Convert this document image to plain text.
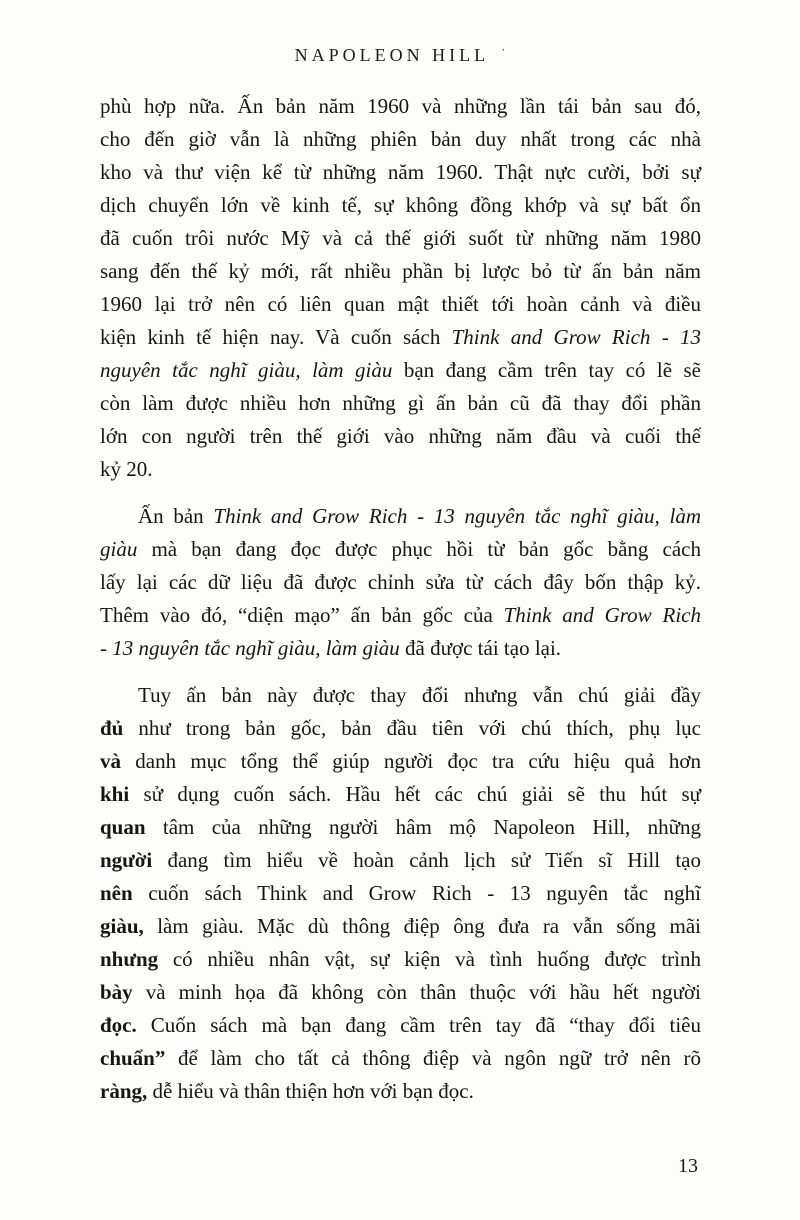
NAPOLEON HILL ·
phù hợp nữa. Ấn bản năm 1960 và những lần tái bản sau đó,
cho đến giờ vẫn là những phiên bản duy nhất trong các nhà
kho và thư viện kể từ những năm 1960. Thật nực cười, bởi sự
dịch chuyển lớn về kinh tế, sự không đồng khớp và sự bất ổn
đã cuốn trôi nước Mỹ và cả thế giới suốt từ những năm 1980
sang đến thế kỷ mới, rất nhiều phần bị lược bỏ từ ấn bản năm
1960 lại trở nên có liên quan mật thiết tới hoàn cảnh và điều
kiện kinh tế hiện nay. Và cuốn sách Think and Grow Rich - 13
nguyên tắc nghĩ giàu, làm giàu bạn đang cầm trên tay có lẽ sẽ
còn làm được nhiều hơn những gì ấn bản cũ đã thay đổi phần
lớn con người trên thế giới vào những năm đầu và cuối thế
kỷ 20.
Ấn bản Think and Grow Rich - 13 nguyên tắc nghĩ giàu, làm
giàu mà bạn đang đọc được phục hồi từ bản gốc bằng cách
lấy lại các dữ liệu đã được chỉnh sửa từ cách đây bốn thập kỷ.
Thêm vào đó, “diện mạo” ấn bản gốc của Think and Grow Rich
- 13 nguyên tắc nghĩ giàu, làm giàu đã được tái tạo lại.
Tuy ấn bản này được thay đổi nhưng vẫn chú giải đầy
đủ như trong bản gốc, bản đầu tiên với chú thích, phụ lục
và danh mục tổng thể giúp người đọc tra cứu hiệu quả hơn
khi sử dụng cuốn sách. Hầu hết các chú giải sẽ thu hút sự
quan tâm của những người hâm mộ Napoleon Hill, những
người đang tìm hiểu về hoàn cảnh lịch sử Tiến sĩ Hill tạo
nên cuốn sách Think and Grow Rich - 13 nguyên tắc nghĩ
giàu, làm giàu. Mặc dù thông điệp ông đưa ra vẫn sống mãi
nhưng có nhiều nhân vật, sự kiện và tình huống được trình
bày và minh họa đã không còn thân thuộc với hầu hết người
đọc. Cuốn sách mà bạn đang cầm trên tay đã “thay đổi tiêu
chuẩn” để làm cho tất cả thông điệp và ngôn ngữ trở nên rõ
ràng, dễ hiểu và thân thiện hơn với bạn đọc.
13
